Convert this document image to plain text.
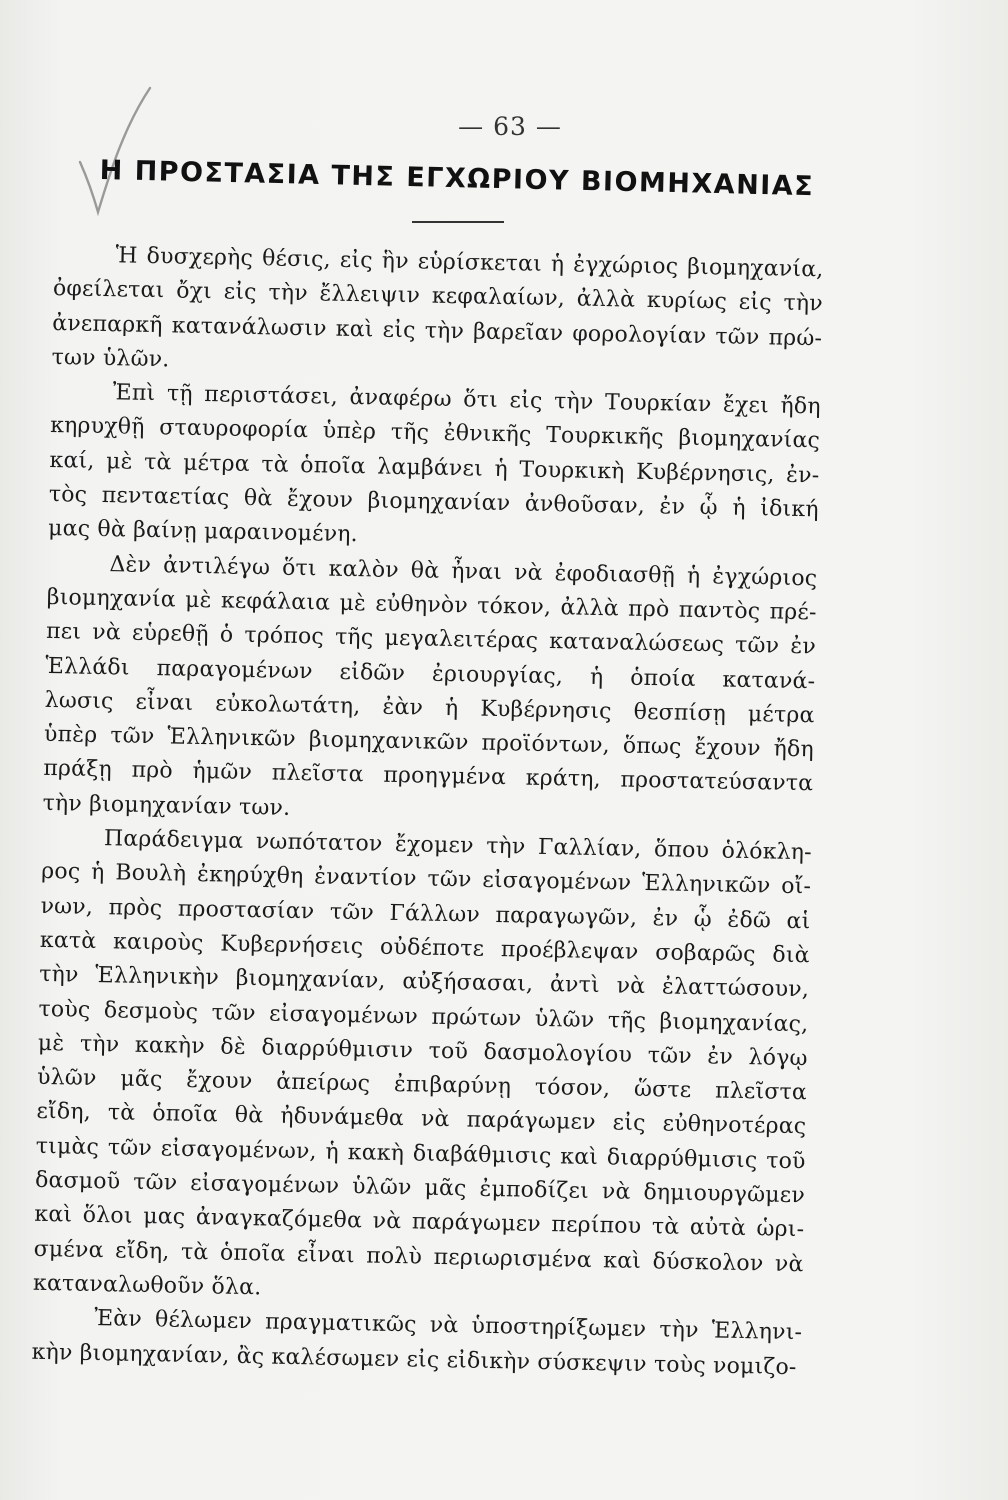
— 63 —
Η ΠΡΟΣΤΑΣΙΑ ΤΗΣ ΕΓΧΩΡΙΟΥ ΒΙΟΜΗΧΑΝΙΑΣ
Ἡ δυσχερὴς θέσις, εἰς ἣν εὑρίσκεται ἡ ἐγχώριος βιομηχανία,
ὀφείλεται ὄχι εἰς τὴν ἔλλειψιν κεφαλαίων, ἀλλὰ κυρίως εἰς τὴν
ἀνεπαρκῆ κατανάλωσιν καὶ εἰς τὴν βαρεῖαν φορολογίαν τῶν πρώ-
των ὑλῶν.
Ἐπὶ τῇ περιστάσει, ἀναφέρω ὅτι εἰς τὴν Τουρκίαν ἔχει ἤδη
κηρυχθῇ σταυροφορία ὑπὲρ τῆς ἐθνικῆς Τουρκικῆς βιομηχανίας
καί, μὲ τὰ μέτρα τὰ ὁποῖα λαμβάνει ἡ Τουρκικὴ Κυβέρνησις, ἐν-
τὸς πενταετίας θὰ ἔχουν βιομηχανίαν ἀνθοῦσαν, ἐν ᾧ ἡ ἰδική
μας θὰ βαίνῃ μαραινομένη.
Δὲν ἀντιλέγω ὅτι καλὸν θὰ ἦναι νὰ ἐφοδιασθῇ ἡ ἐγχώριος
βιομηχανία μὲ κεφάλαια μὲ εὐθηνὸν τόκον, ἀλλὰ πρὸ παντὸς πρέ-
πει νὰ εὑρεθῇ ὁ τρόπος τῆς μεγαλειτέρας καταναλώσεως τῶν ἐν
Ἑλλάδι παραγομένων εἰδῶν ἐριουργίας, ἡ ὁποία κατανά-
λωσις εἶναι εὐκολωτάτη, ἐὰν ἡ Κυβέρνησις θεσπίσῃ μέτρα
ὑπὲρ τῶν Ἑλληνικῶν βιομηχανικῶν προϊόντων, ὅπως ἔχουν ἤδη
πράξῃ πρὸ ἡμῶν πλεῖστα προηγμένα κράτη, προστατεύσαντα
τὴν βιομηχανίαν των.
Παράδειγμα νωπότατον ἔχομεν τὴν Γαλλίαν, ὅπου ὁλόκλη-
ρος ἡ Βουλὴ ἐκηρύχθη ἐναντίον τῶν εἰσαγομένων Ἑλληνικῶν οἴ-
νων, πρὸς προστασίαν τῶν Γάλλων παραγωγῶν, ἐν ᾧ ἐδῶ αἱ
κατὰ καιροὺς Κυβερνήσεις οὐδέποτε προέβλεψαν σοβαρῶς διὰ
τὴν Ἑλληνικὴν βιομηχανίαν, αὐξήσασαι, ἀντὶ νὰ ἐλαττώσουν,
τοὺς δεσμοὺς τῶν εἰσαγομένων πρώτων ὑλῶν τῆς βιομηχανίας,
μὲ τὴν κακὴν δὲ διαρρύθμισιν τοῦ δασμολογίου τῶν ἐν λόγῳ
ὑλῶν μᾶς ἔχουν ἀπείρως ἐπιβαρύνῃ τόσον, ὥστε πλεῖστα
εἴδη, τὰ ὁποῖα θὰ ἠδυνάμεθα νὰ παράγωμεν εἰς εὐθηνοτέρας
τιμὰς τῶν εἰσαγομένων, ἡ κακὴ διαβάθμισις καὶ διαρρύθμισις τοῦ
δασμοῦ τῶν εἰσαγομένων ὑλῶν μᾶς ἐμποδίζει νὰ δημιουργῶμεν
καὶ ὅλοι μας ἀναγκαζόμεθα νὰ παράγωμεν περίπου τὰ αὐτὰ ὡρι-
σμένα εἴδη, τὰ ὁποῖα εἶναι πολὺ περιωρισμένα καὶ δύσκολον νὰ
καταναλωθοῦν ὅλα.
Ἐὰν θέλωμεν πραγματικῶς νὰ ὑποστηρίξωμεν τὴν Ἑλληνι-
κὴν βιομηχανίαν, ἂς καλέσωμεν εἰς εἰδικὴν σύσκεψιν τοὺς νομιζο-
